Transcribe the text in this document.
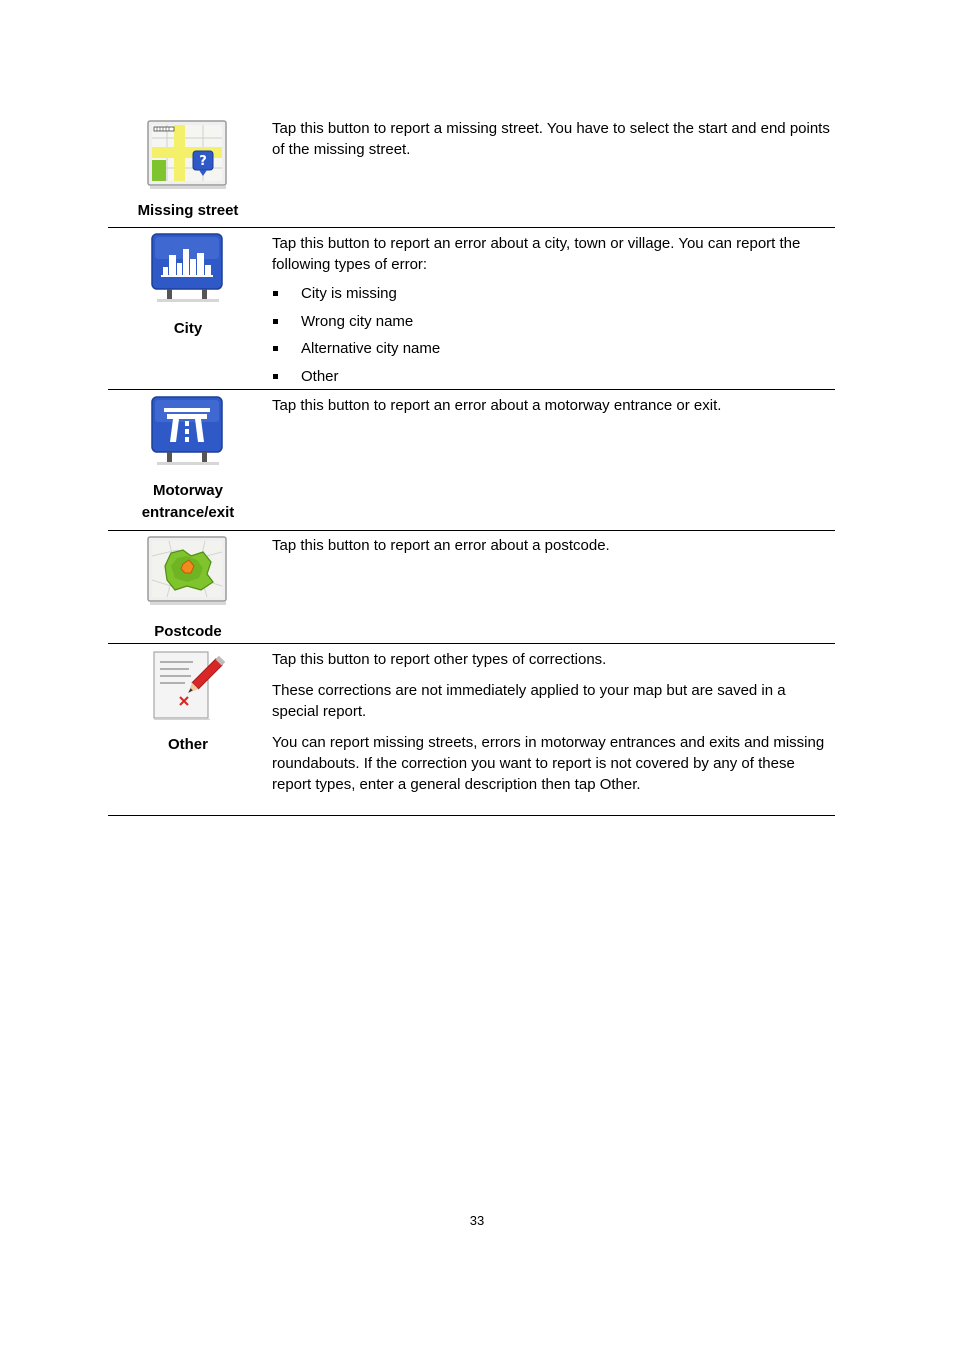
?
Missing street

Tap this button to report a missing street. You have to select the start and end points of the missing street.

City

Tap this button to report an error about a city, town or village. You can report the following types of error:

City is missing
Wrong city name
Alternative city name
Other
Motorway
entrance/exit

Tap this button to report an error about a motorway entrance or exit.

Postcode

Tap this button to report an error about a postcode.

Other

Tap this button to report other types of corrections.

These corrections are not immediately applied to your map but are saved in a special report.

You can report missing streets, errors in motorway entrances and exits and missing roundabouts. If the correction you want to report is not covered by any of these report types, enter a general description then tap Other.

33
